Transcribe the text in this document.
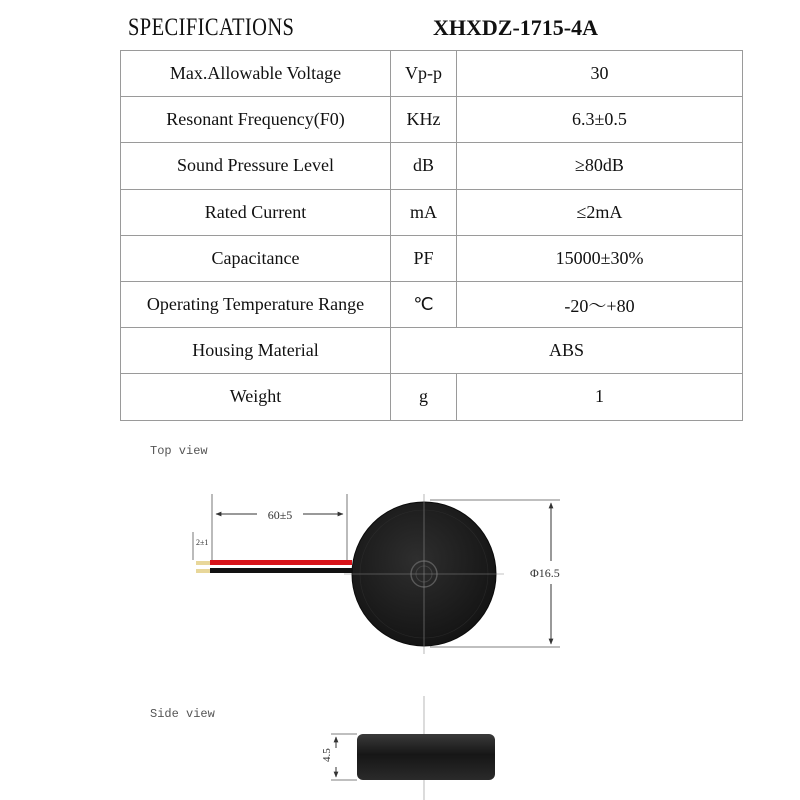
SPECIFICATIONS	XHXDZ-1715-4A
Max.Allowable Voltage	Vp-p	30
Resonant Frequency(F0)	KHz	6.3±0.5
Sound Pressure Level	dB	≥80dB
Rated Current	mA	≤2mA
Capacitance	PF	15000±30%
Operating Temperature Range	℃	-20～+80
Housing Material	ABS	
Weight	g	1
Top view
Side view
60±5
2±1
Φ16.5
4.5
